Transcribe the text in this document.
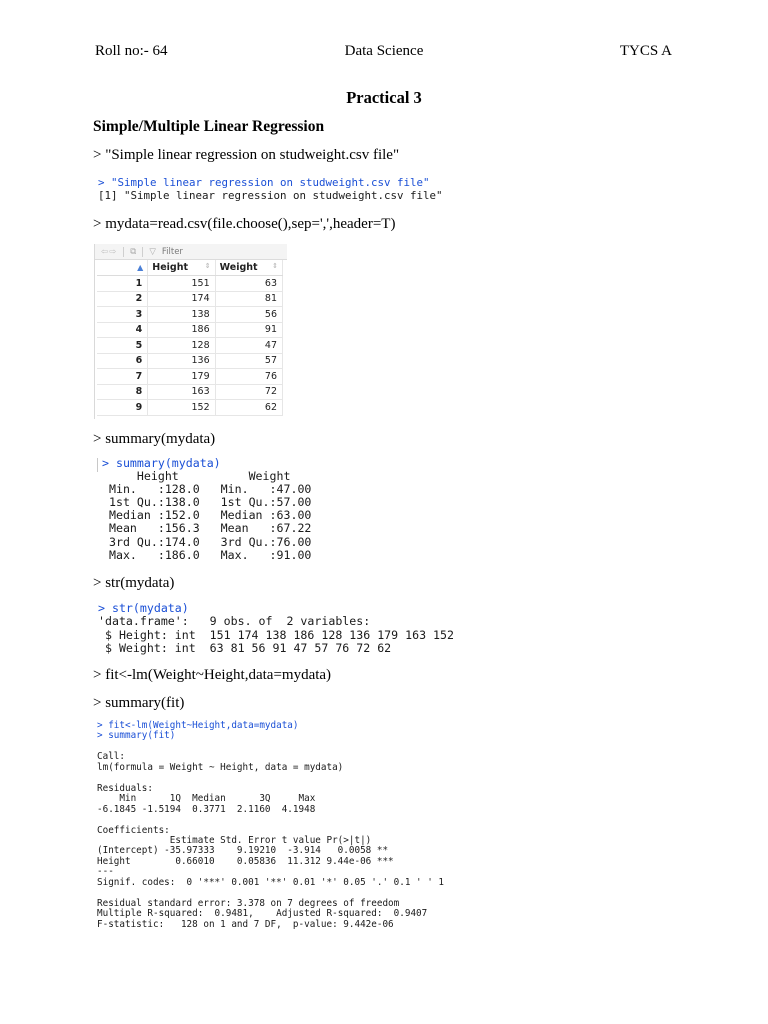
Roll no:- 64	Data Science	TYCS A
Practical 3
Simple/Multiple Linear Regression
> "Simple linear regression on studweight.csv file"
> "Simple linear regression on studweight.csv file"
[1] "Simple linear regression on studweight.csv file"
> mydata=read.csv(file.choose(),sep=',',header=T)
⇦⇨ ⧉ ▽ Filter
▲	Height ⇕	Weight ⇕

1	151	63
2	174	81
3	138	56
4	186	91
5	128	47
6	136	57
7	179	76
8	163	72
9	152	62
> summary(mydata)
> summary(mydata)
Height          Weight
Min.   :128.0   Min.   :47.00
1st Qu.:138.0   1st Qu.:57.00
Median :152.0   Median :63.00
Mean   :156.3   Mean   :67.22
3rd Qu.:174.0   3rd Qu.:76.00
Max.   :186.0   Max.   :91.00
> str(mydata)
> str(mydata)
'data.frame':   9 obs. of  2 variables:
$ Height: int  151 174 138 186 128 136 179 163 152
$ Weight: int  63 81 56 91 47 57 76 72 62
> fit<-lm(Weight~Height,data=mydata)
> summary(fit)
> fit<-lm(Weight~Height,data=mydata)
> summary(fit)

Call:
lm(formula = Weight ~ Height, data = mydata)

Residuals:
Min      1Q  Median      3Q     Max
-6.1845 -1.5194  0.3771  2.1160  4.1948

Coefficients:
Estimate Std. Error t value Pr(>|t|)
(Intercept) -35.97333    9.19210  -3.914   0.0058 **
Height        0.66010    0.05836  11.312 9.44e-06 ***
---
Signif. codes:  0 '***' 0.001 '**' 0.01 '*' 0.05 '.' 0.1 ' ' 1

Residual standard error: 3.378 on 7 degrees of freedom
Multiple R-squared:  0.9481,	Adjusted R-squared:  0.9407
F-statistic:   128 on 1 and 7 DF,  p-value: 9.442e-06
